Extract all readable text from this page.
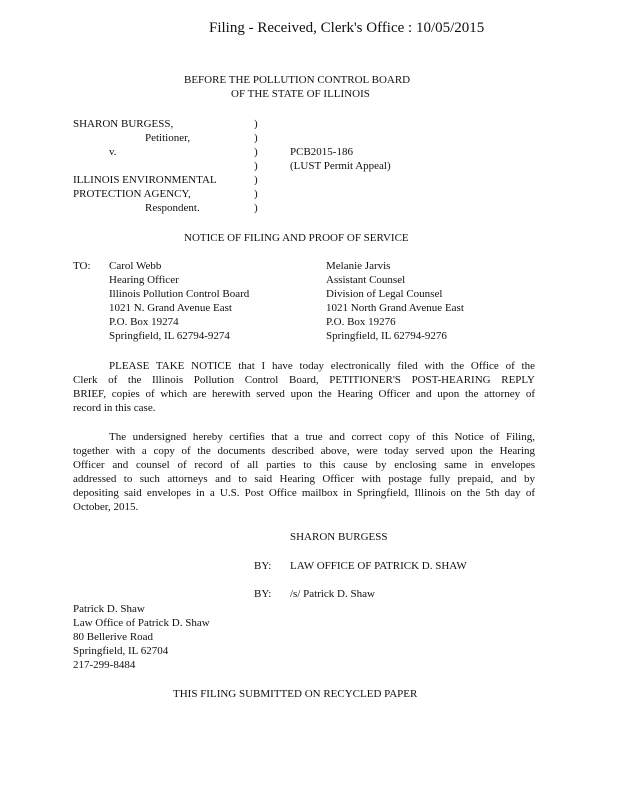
Filing - Received, Clerk's Office : 10/05/2015
BEFORE THE POLLUTION CONTROL BOARD
OF THE STATE OF ILLINOIS
SHARON BURGESS,
Petitioner,
v.
ILLINOIS ENVIRONMENTAL
PROTECTION AGENCY,
Respondent.
)
)
)
)
)
)
)
PCB2015-186
(LUST Permit Appeal)
NOTICE OF FILING AND PROOF OF SERVICE
TO: Carol Webb
Hearing Officer
Illinois Pollution Control Board
1021 N. Grand Avenue East
P.O. Box 19274
Springfield, IL 62794-9274
Melanie Jarvis
Assistant Counsel
Division of Legal Counsel
1021 North Grand Avenue East
P.O. Box 19276
Springfield, IL 62794-9276
PLEASE TAKE NOTICE that I have today electronically filed with the Office of the
Clerk of the Illinois Pollution Control Board, PETITIONER'S POST-HEARING REPLY
BRIEF, copies of which are herewith served upon the Hearing Officer and upon the attorney of
record in this case.
The undersigned hereby certifies that a true and correct copy of this Notice of Filing,
together with a copy of the documents described above, were today served upon the Hearing
Officer and counsel of record of all parties to this cause by enclosing same in envelopes
addressed to such attorneys and to said Hearing Officer with postage fully prepaid, and by
depositing said envelopes in a U.S. Post Office mailbox in Springfield, Illinois on the 5th day of
October, 2015.
SHARON BURGESS
BY: LAW OFFICE OF PATRICK D. SHAW
BY: /s/ Patrick D. Shaw
Patrick D. Shaw
Law Office of Patrick D. Shaw
80 Bellerive Road
Springfield, IL 62704
217-299-8484
THIS FILING SUBMITTED ON RECYCLED PAPER
